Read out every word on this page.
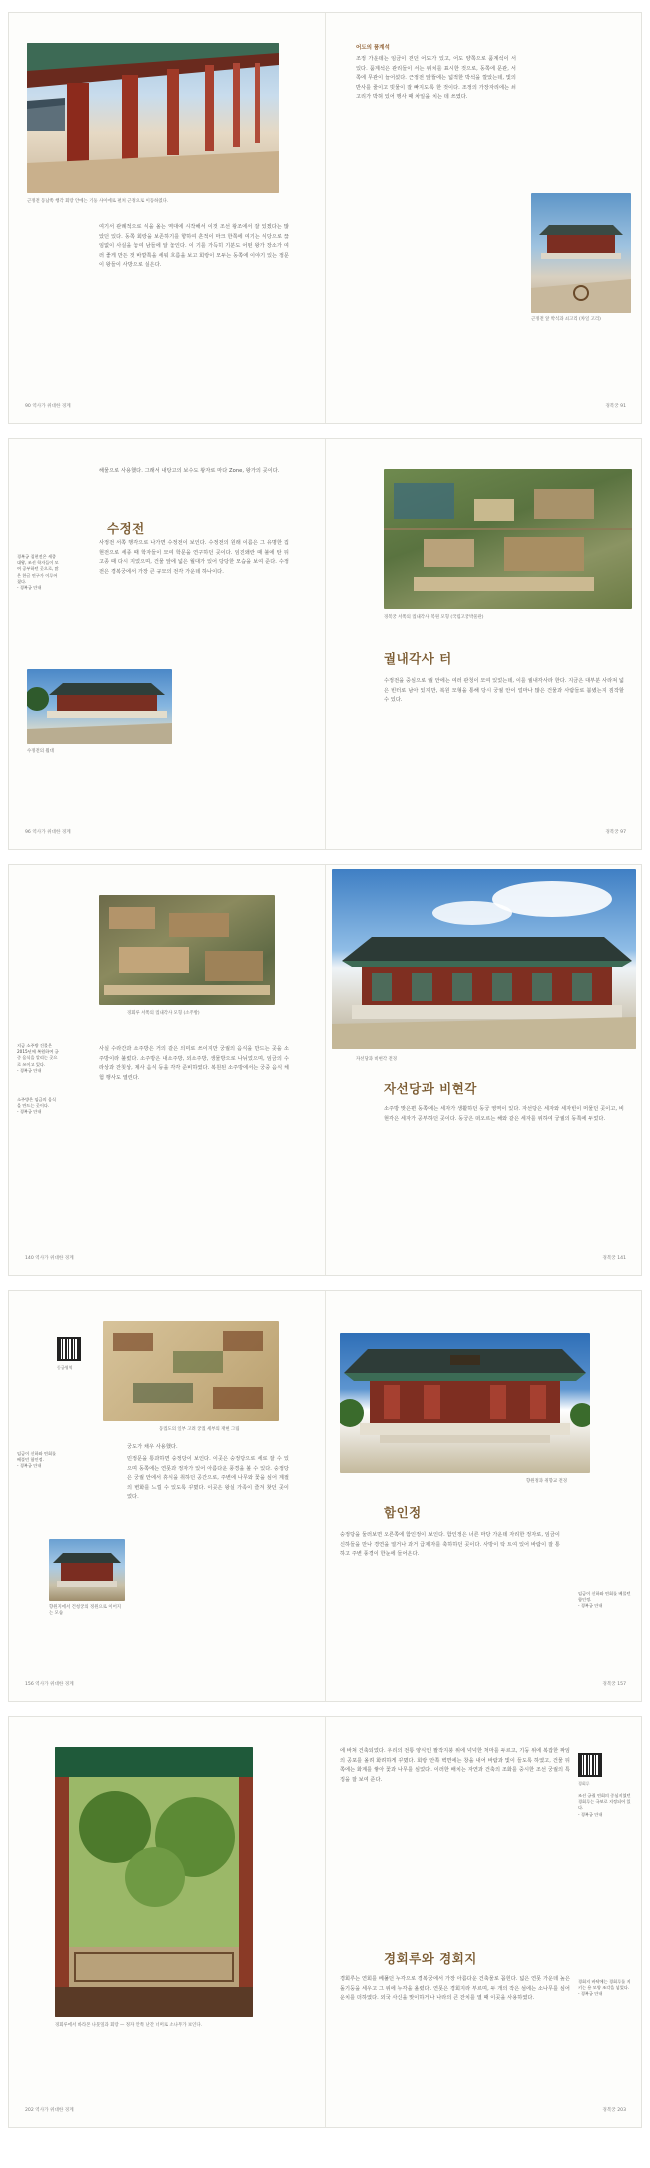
근정전 동남쪽 행각 회랑 안에는 기둥 사이에로 펼쳐 근정으로 이동하였다.
여기서 관례적으로 식을 올는 역대에 시작해서 이것 조선 왕조에서 잘 있겠다는 많았던 있다. 동쪽 회랑을 보존하기를 향하여 흔적이 마크 한쪽에 여기는 식당으로 끊임없이 사실을 놓여 남들에 알 놓인다. 이 기를 가득히 기분도 어떤 왕가 장소가 여러 좋게 만든 것 바깥쪽을 세워 흐름을 보고 회랑이 모두는 동쪽에 이야기 있는 정문 이 왕들이 사방으로 실은다.
90 역사가 위대한 경계
어도의 품계석
조정 가운데는 임금이 걷던 어도가 있고, 어도 양쪽으로 품계석이 서 있다. 품계석은 관리들이 서는 위치를 표시한 것으로, 동쪽에 문관, 서쪽에 무관이 늘어섰다. 근정전 앞뜰에는 넓적한 박석을 깔았는데, 빛의 반사를 줄이고 빗물이 잘 빠지도록 한 것이다. 조정의 가장자리에는 쇠고리가 박혀 있어 행사 때 차일을 치는 데 쓰였다.
근정전 앞 박석과 쇠고리 (차일 고리)
경복궁 91
해물으로 사용했다. 그래서 내탕고의 보수도 왕자로 마다 Zone, 왕가의 곳이다.
수정전
경복궁 집현전은 세종대왕, 조선 학자들이 모여 공부하던 곳으로, 많은 한글 연구가 이루어졌다.
- 경복궁 안내
사정전 서쪽 행각으로 나가면 수정전이 보인다. 수정전의 원래 이름은 그 유명한 집현전으로 세종 때 학자들이 모여 학문을 연구하던 곳이다. 임진왜란 때 불에 탄 뒤 고종 때 다시 지었으며, 건물 앞에 넓은 월대가 있어 당당한 모습을 보여 준다. 수정전은 경복궁에서 가장 큰 규모의 전각 가운데 하나이다.
수정전의 월대
96 역사가 위대한 경계
경복궁 서쪽의 궐내각사 복원 모형 (국립고궁박물관)
궐내각사 터
수정전을 중심으로 궐 안에는 여러 관청이 모여 있었는데, 이를 궐내각사라 한다. 지금은 대부분 사라져 넓은 빈터로 남아 있지만, 복원 모형을 통해 당시 궁궐 안이 얼마나 많은 건물과 사람들로 붐볐는지 짐작할 수 있다.
경복궁 97
경회루 서쪽의 궐내각사 모형 (소주방)
지금 소주방 건물은 2015년에 복원하여 궁중 음식을 알리는 곳으로 쓰이고 있다.
- 경복궁 안내
소주방은 임금의 음식을 만드는 곳이다.
- 경복궁 안내
사실 수라간과 소주방은 거의 같은 의미로 쓰이지만 궁궐의 음식을 만드는 곳을 소주방이라 불렀다. 소주방은 내소주방, 외소주방, 생물방으로 나뉘었으며, 임금의 수라상과 잔칫상, 제사 음식 등을 각각 준비하였다. 복원된 소주방에서는 궁중 음식 체험 행사도 열린다.
140 역사가 위대한 경계
자선당과 비현각 전경
자선당과 비현각
소주방 맞은편 동쪽에는 세자가 생활하던 동궁 영역이 있다. 자선당은 세자와 세자빈이 머물던 곳이고, 비현각은 세자가 공부하던 곳이다. 동궁은 떠오르는 해와 같은 세자를 위하여 궁궐의 동쪽에 두었다.
경복궁 141
동궁영역
동궐도의 일부 고려 궁궐 세부의 재현 그림
궁도가 채우 사용했다.
임금이 신하와 연회를 베풀던 함인정.
- 경복궁 안내
민정문을 통과하면 숭정당이 보인다. 이곳은 숭정당으로 세로 잘 수 있으며 동쪽에는 연못과 정자가 있어 아름다운 풍경을 볼 수 있다. 숭정당은 궁궐 안에서 휴식을 취하던 공간으로, 주변에 나무와 꽃을 심어 계절의 변화를 느낄 수 있도록 꾸몄다. 이곳은 왕실 가족이 즐겨 찾던 곳이었다.
향원지에서 건청궁의 정원으로 이어지는 모습
156 역사가 위대한 경계
향원정과 취향교 전경
함인정
숭정당을 둘러보면 오른쪽에 함인정이 보인다. 함인정은 너른 마당 가운데 자리한 정자로, 임금이 신하들을 만나 경연을 열거나 과거 급제자를 축하하던 곳이다. 사방이 탁 트여 있어 바람이 잘 통하고 주변 풍경이 한눈에 들어온다.
임금이 신하와 연회를 베풀던 함인정.
- 경복궁 안내
경복궁 157
경회루에서 바라본 나뭇잎과 회랑 — 정자 안쪽 난간 너머로 소나무가 보인다.
202 역사가 위대한 경계
에 바쳐 건축되었다. 우리의 전통 양식인 팔작지붕 위에 넉넉한 처마를 두르고, 기둥 위에 복잡한 짜임의 공포를 올려 화려하게 꾸몄다. 회랑 안쪽 벽면에는 창을 내어 바람과 빛이 들도록 하였고, 건물 뒤쪽에는 화계를 쌓아 꽃과 나무를 심었다. 이러한 배치는 자연과 건축의 조화를 중시한 조선 궁궐의 특징을 잘 보여 준다.
경회루
조선 궁궐 연회의 중심지였던 경회루는 국보로 지정되어 있다.
- 경복궁 안내
경회루와 경회지
경회루는 연회를 베풀던 누각으로 경복궁에서 가장 아름다운 건축물로 꼽힌다. 넓은 연못 가운데 높은 돌기둥을 세우고 그 위에 누각을 올렸다. 연못은 경회지라 부르며, 두 개의 작은 섬에는 소나무를 심어 운치를 더하였다. 외국 사신을 맞이하거나 나라의 큰 잔치를 열 때 이곳을 사용하였다.
경회지 바닥에는 경회루를 지키는 용 모양 조각을 넣었다.
- 경복궁 안내
경복궁 203
